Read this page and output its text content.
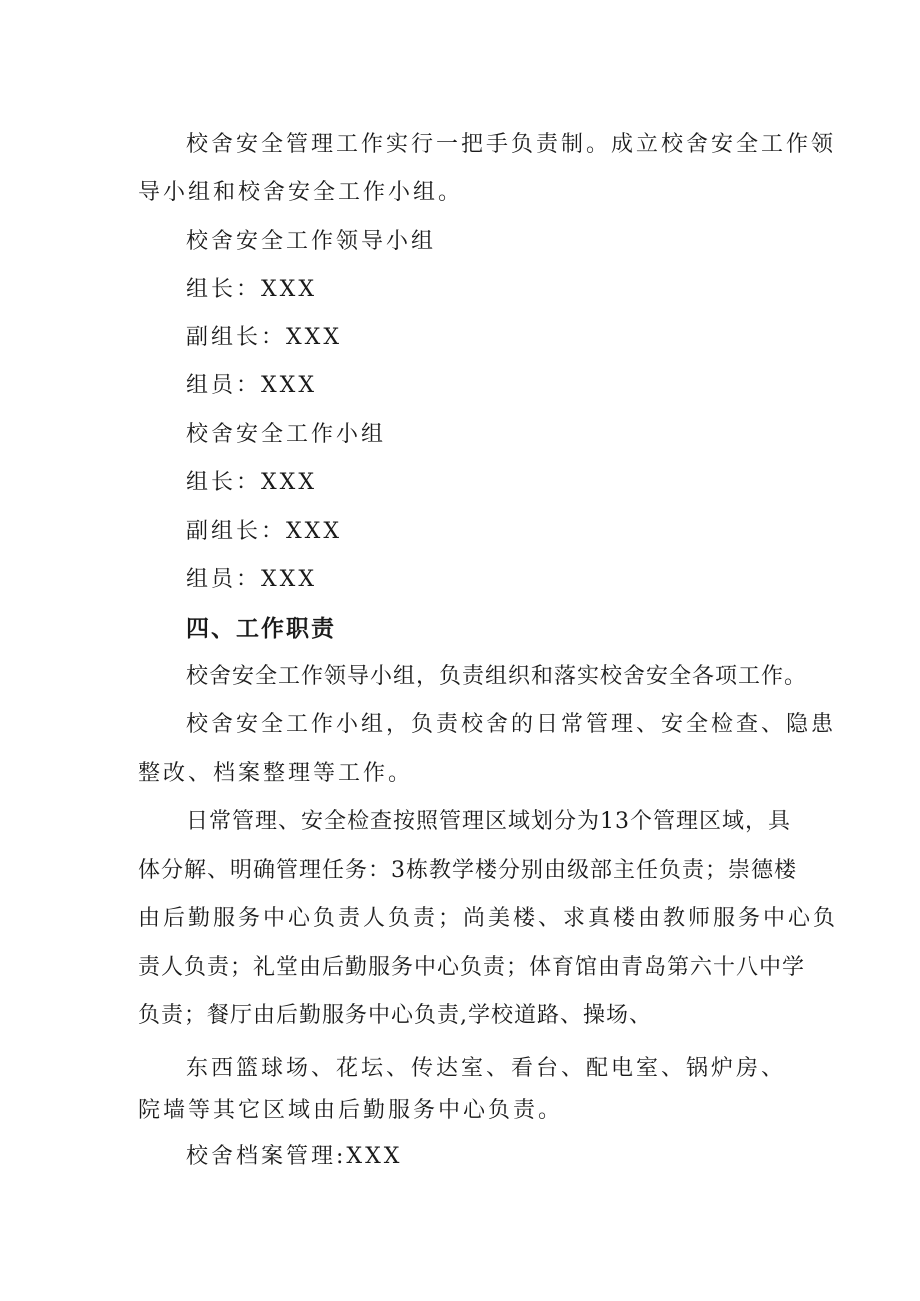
校舍安全管理工作实行一把手负责制。成立校舍安全工作领
导小组和校舍安全工作小组。
校舍安全工作领导小组
组长：XXX
副组长：XXX
组员：XXX
校舍安全工作小组
组长：XXX
副组长：XXX
组员：XXX
四、工作职责
校舍安全工作领导小组，负责组织和落实校舍安全各项工作。
校舍安全工作小组，负责校舍的日常管理、安全检查、隐患
整改、档案整理等工作。
日常管理、安全检查按照管理区域划分为13个管理区域，具
体分解、明确管理任务：3栋教学楼分别由级部主任负责；崇德楼
由后勤服务中心负责人负责；尚美楼、求真楼由教师服务中心负
责人负责；礼堂由后勤服务中心负责；体育馆由青岛第六十八中学
负责；餐厅由后勤服务中心负责,学校道路、操场、
东西篮球场、花坛、传达室、看台、配电室、锅炉房、
院墙等其它区域由后勤服务中心负责。
校舍档案管理:XXX
